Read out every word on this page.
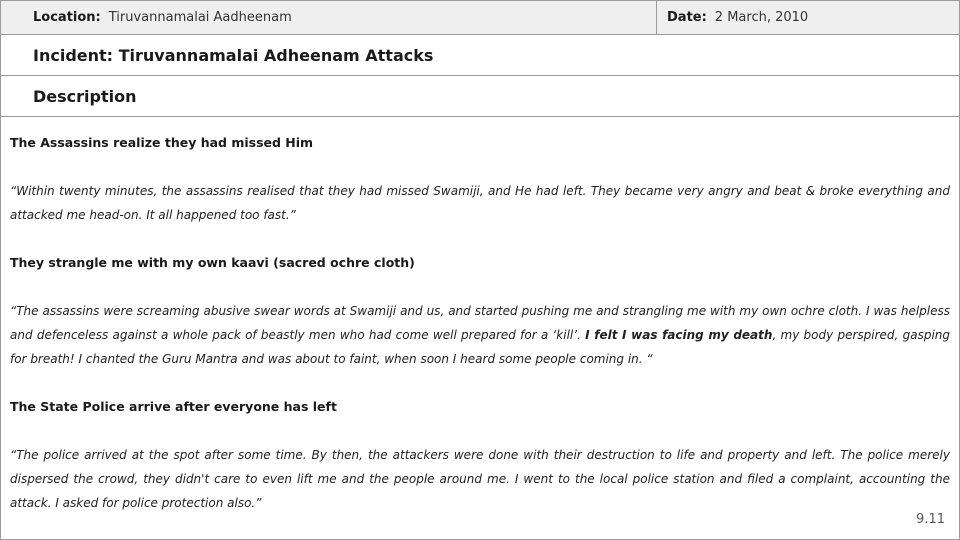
Location: Tiruvannamalai Aadheenam	Date: 2 March, 2010
Incident: Tiruvannamalai Adheenam Attacks
Description
The Assassins realize they had missed Him
“Within twenty minutes, the assassins realised that they had missed Swamiji, and He had left. They became very angry and beat & broke everything and attacked me head-on. It all happened too fast.”
They strangle me with my own kaavi (sacred ochre cloth)
“The assassins were screaming abusive swear words at Swamiji and us, and started pushing me and strangling me with my own ochre cloth. I was helpless and defenceless against a whole pack of beastly men who had come well prepared for a ‘kill’. I felt I was facing my death, my body perspired, gasping for breath! I chanted the Guru Mantra and was about to faint, when soon I heard some people coming in. “
The State Police arrive after everyone has left
“The police arrived at the spot after some time. By then, the attackers were done with their destruction to life and property and left. The police merely dispersed the crowd, they didn't care to even lift me and the people around me. I went to the local police station and filed a complaint, accounting the attack. I asked for police protection also.”
9.11
